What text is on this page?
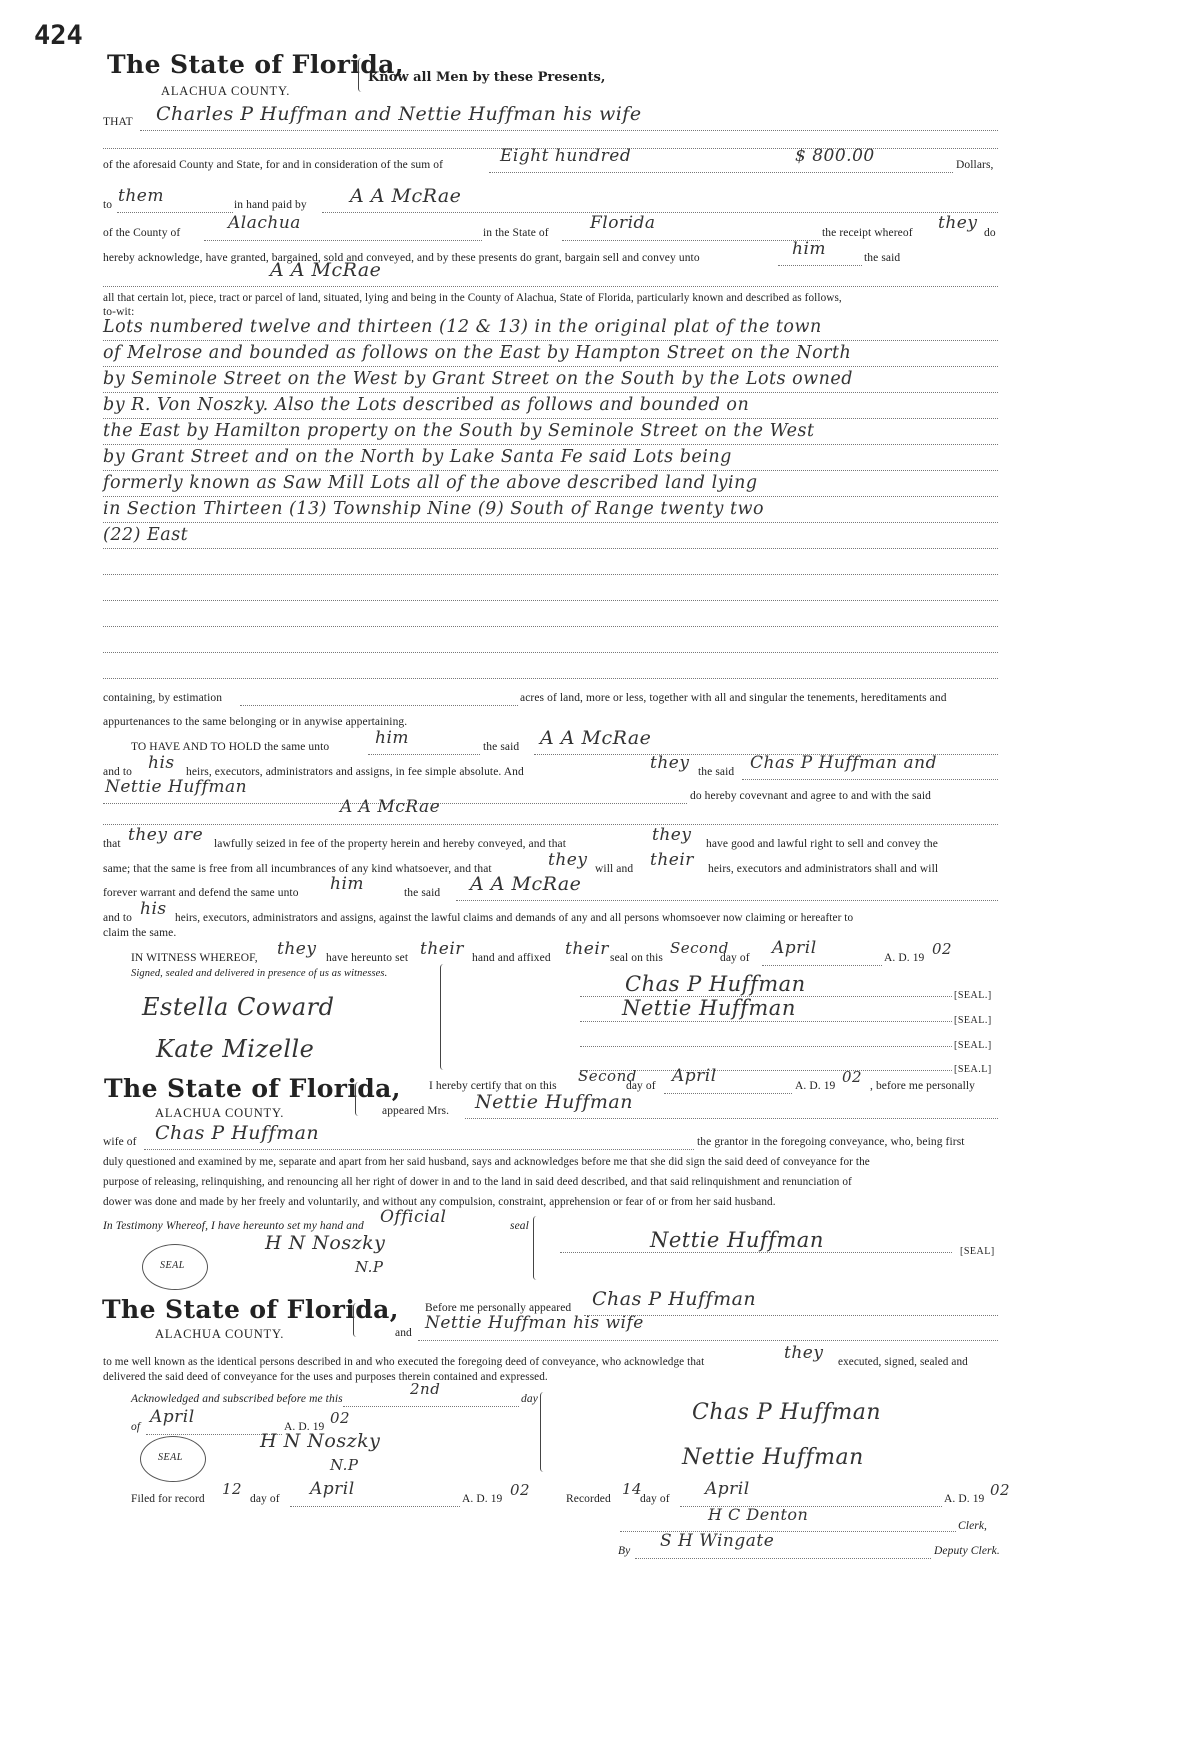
424
The State of Florida,
Know all Men by these Presents,
ALACHUA COUNTY.
THAT Charles P Huffman and Nettie Huffman his wife
of the aforesaid County and State, for and in consideration of the sum of	Eight hundred	$ 800.00	Dollars,
to them	in hand paid by A A McRae
of the County of	Alachua	in the State of Florida	the receipt whereof they do
hereby acknowledge, have granted, bargained, sold and conveyed, and by these presents do grant, bargain sell and convey unto	him	the said
A A McRae
all that certain lot, piece, tract or parcel of land, situated, lying and being in the County of Alachua, State of Florida, particularly known and described as follows,
to-wit:
Lots numbered twelve and thirteen (12 & 13) in the original plat of the town
of Melrose and bounded as follows on the East by Hampton Street on the North
by Seminole Street on the West by Grant Street on the South by the Lots owned
by R. Von Noszky. Also the Lots described as follows and bounded on
the East by Hamilton property on the South by Seminole Street on the West
by Grant Street and on the North by Lake Santa Fe said Lots being
formerly known as Saw Mill Lots all of the above described land lying
in Section Thirteen (13) Township Nine (9) South of Range twenty two
(22) East
containing, by estimation	acres of land, more or less, together with all and singular the tenements, hereditaments and
appurtenances to the same belonging or in anywise appertaining.
TO HAVE AND TO HOLD the same unto	him	the said A A McRae
and to his heirs, executors, administrators and assigns, in fee simple absolute. And	they the said Chas P Huffman and
Nettie Huffman	do hereby covevnant and agree to and with the said
A A McRae
that they are lawfully seized in fee of the property herein and hereby conveyed, and that	they have good and lawful right to sell and convey the
same; that the same is free from all incumbrances of any kind whatsoever, and that	they will and their heirs, executors and administrators shall and will
forever warrant and defend the same unto him	the said A A McRae
and to his heirs, executors, administrators and assigns, against the lawful claims and demands of any and all persons whomsoever now claiming or hereafter to
claim the same.
IN WITNESS WHEREOF, they have hereunto set their hand and affixed their seal on this
Second
day of April	A. D. 19 02
Signed, sealed and delivered in presence of us as witnesses.
Estella Coward
Kate Mizelle
Chas P Huffman	[SEAL.]
Nettie Huffman
[SEAL.]
[SEAL.]
[SEA.L]
The State of Florida,
ALACHUA COUNTY.
I hereby certify that on this
Second
day of April	A. D. 19 02 , before me personally
appeared Mrs. Nettie Huffman
wife of Chas P Huffman	the grantor in the foregoing conveyance, who, being first
duly questioned and examined by me, separate and apart from her said husband, says and acknowledges before me that she did sign the said deed of conveyance for the
purpose of releasing, relinquishing, and renouncing all her right of dower in and to the land in said deed described, and that said relinquishment and renunciation of
dower was done and made by her freely and voluntarily, and without any compulsion, constraint, apprehension or fear of or from her said husband.
In Testimony Whereof, I have hereunto set my hand and Official	seal
SEAL
H N Noszky
N.P
Nettie Huffman	[SEAL]
The State of Florida,
ALACHUA COUNTY.
Before me personally appeared Chas P Huffman
and Nettie Huffman his wife
to me well known as the identical persons described in and who executed the foregoing deed of conveyance, who acknowledge that	they executed, signed, sealed and
delivered the said deed of conveyance for the uses and purposes therein contained and expressed.
Acknowledged and subscribed before me this
2nd
day
of April	A. D. 19 02
SEAL
H N Noszky
N.P
Chas P Huffman
Nettie Huffman
Filed for record
12
day of April	A. D. 19 02	Recorded
14
day of April	A. D. 19 02
H C Denton
Clerk,
By S H Wingate	Deputy Clerk.
